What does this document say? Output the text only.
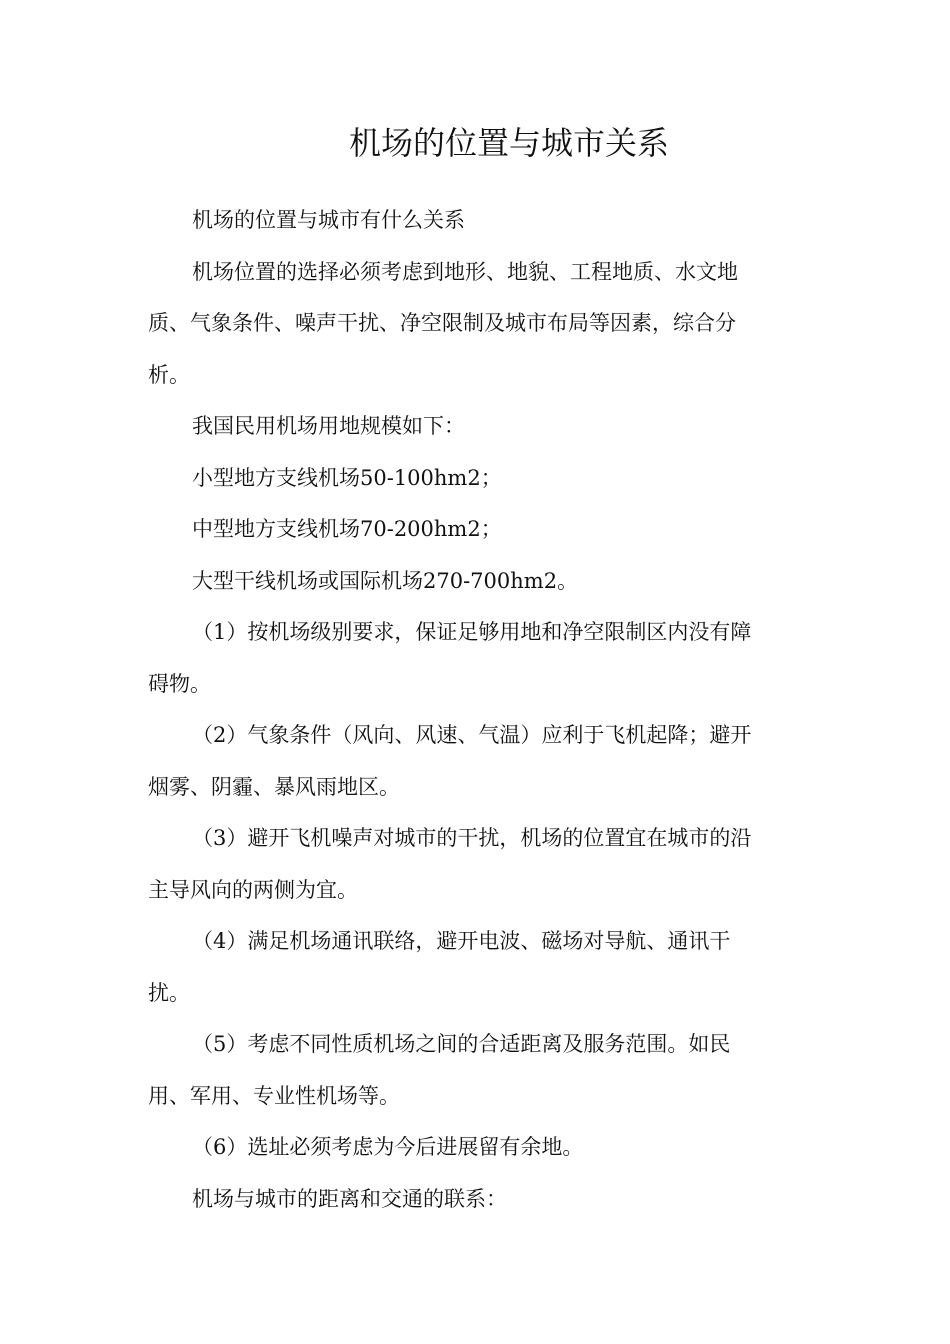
机场的位置与城市关系

机场的位置与城市有什么关系

机场位置的选择必须考虑到地形、地貌、工程地质、水文地
质、气象条件、噪声干扰、净空限制及城市布局等因素，综合分
析。

我国民用机场用地规模如下：

小型地方支线机场50-100hm2；

中型地方支线机场70-200hm2；

大型干线机场或国际机场270-700hm2。

（1）按机场级别要求，保证足够用地和净空限制区内没有障
碍物。

（2）气象条件（风向、风速、气温）应利于飞机起降；避开
烟雾、阴霾、暴风雨地区。

（3）避开飞机噪声对城市的干扰，机场的位置宜在城市的沿
主导风向的两侧为宜。

（4）满足机场通讯联络，避开电波、磁场对导航、通讯干
扰。

（5）考虑不同性质机场之间的合适距离及服务范围。如民
用、军用、专业性机场等。

（6）选址必须考虑为今后进展留有余地。

机场与城市的距离和交通的联系：
